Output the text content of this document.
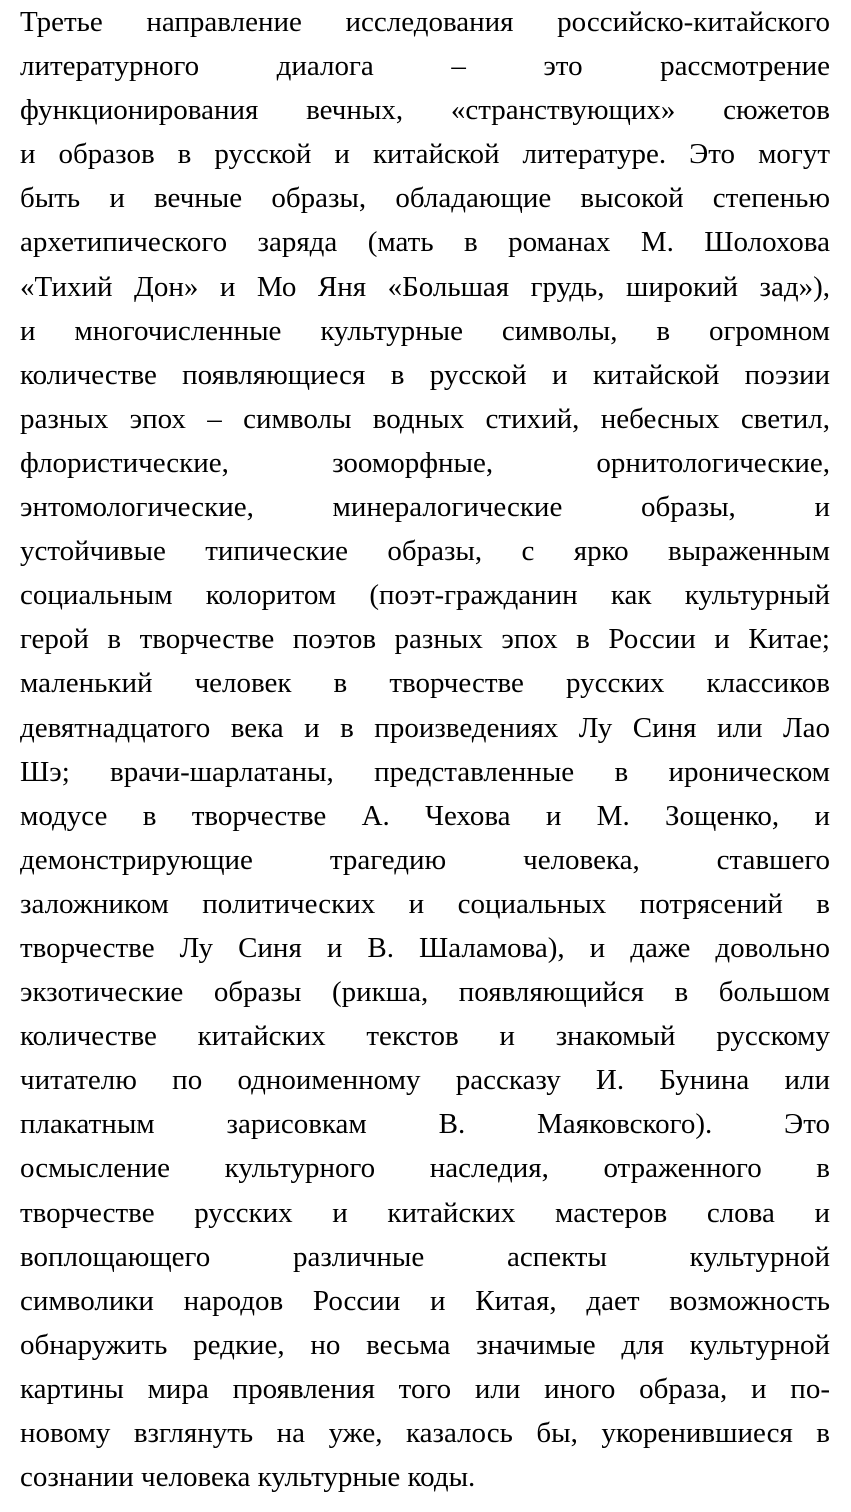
Третье направление исследования российско-китайского
литературного диалога – это рассмотрение
функционирования вечных, «странствующих» сюжетов
и образов в русской и китайской литературе. Это могут
быть и вечные образы, обладающие высокой степенью
архетипического заряда (мать в романах М. Шолохова
«Тихий Дон» и Мо Яня «Большая грудь, широкий зад»),
и многочисленные культурные символы, в огромном
количестве появляющиеся в русской и китайской поэзии
разных эпох – символы водных стихий, небесных светил,
флористические, зооморфные, орнитологические,
энтомологические, минералогические образы, и
устойчивые типические образы, с ярко выраженным
социальным колоритом (поэт-гражданин как культурный
герой в творчестве поэтов разных эпох в России и Китае;
маленький человек в творчестве русских классиков
девятнадцатого века и в произведениях Лу Синя или Лао
Шэ; врачи-шарлатаны, представленные в ироническом
модусе в творчестве А. Чехова и М. Зощенко, и
демонстрирующие трагедию человека, ставшего
заложником политических и социальных потрясений в
творчестве Лу Синя и В. Шаламова), и даже довольно
экзотические образы (рикша, появляющийся в большом
количестве китайских текстов и знакомый русскому
читателю по одноименному рассказу И. Бунина или
плакатным зарисовкам В. Маяковского). Это
осмысление культурного наследия, отраженного в
творчестве русских и китайских мастеров слова и
воплощающего различные аспекты культурной
символики народов России и Китая, дает возможность
обнаружить редкие, но весьма значимые для культурной
картины мира проявления того или иного образа, и по-
новому взглянуть на уже, казалось бы, укоренившиеся в
сознании человека культурные коды.
